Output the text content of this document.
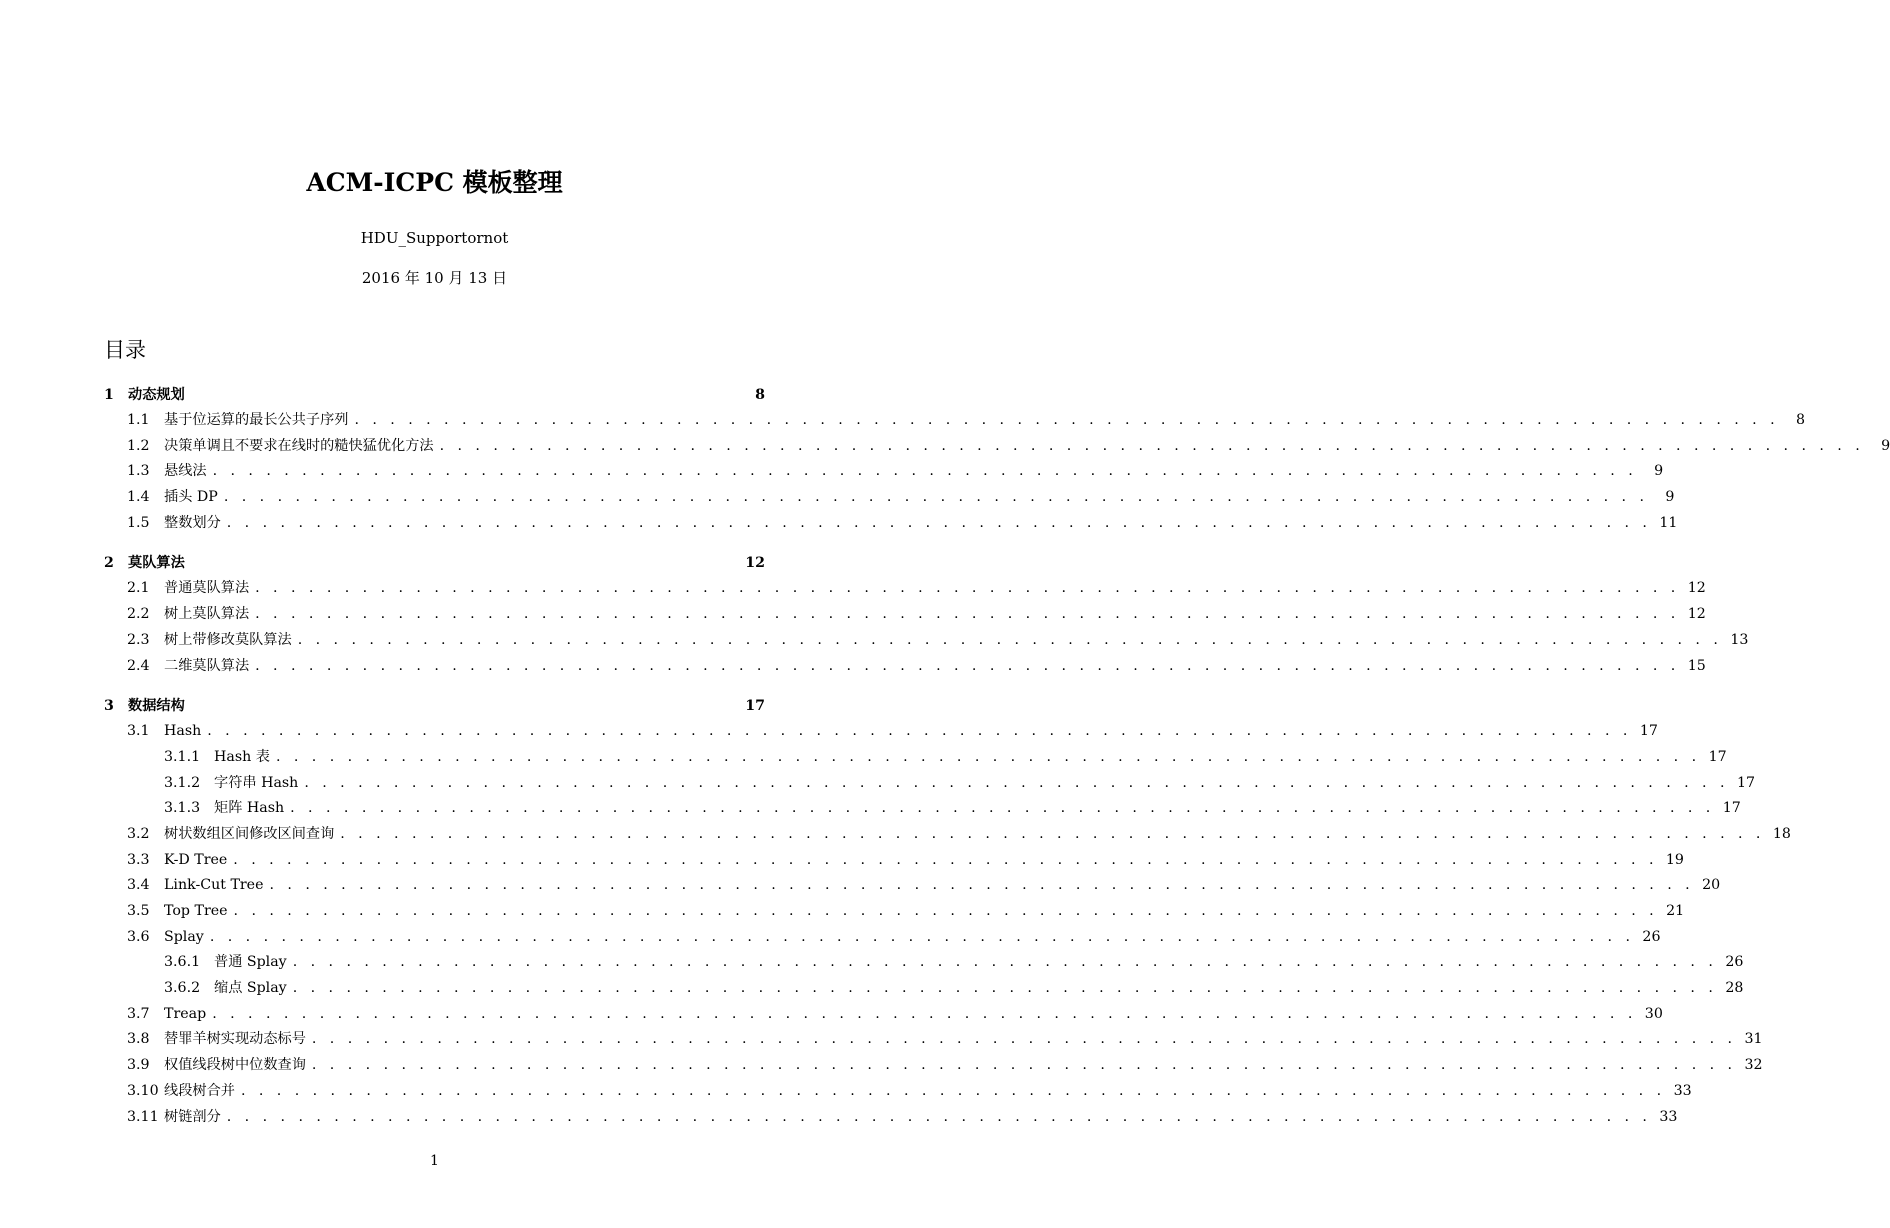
ACM-ICPC 模板整理
HDU_Supportornot
2016 年 10 月 13 日
目录
1 动态规划	8
1.1	基于位运算的最长公共子序列 . . . . . . . . . . . . . . . . . . . . . . . . . . . . . . . . . . . . . . . . . . . . . . . . . . . . . . . . . . . . . . . . . . . . . . . . . . . . . . . .	8
1.2	决策单调且不要求在线时的糙快猛优化方法 . . . . . . . . . . . . . . . . . . . . . . . . . . . . . . . . . . . . . . . . . . . . . . . . . . . . . . . . . . . . . . . . . . . . . . . . . . . . . . . .	9
1.3	悬线法 . . . . . . . . . . . . . . . . . . . . . . . . . . . . . . . . . . . . . . . . . . . . . . . . . . . . . . . . . . . . . . . . . . . . . . . . . . . . . . . .	9
1.4	插头 DP . . . . . . . . . . . . . . . . . . . . . . . . . . . . . . . . . . . . . . . . . . . . . . . . . . . . . . . . . . . . . . . . . . . . . . . . . . . . . . . .	9
1.5	整数划分 . . . . . . . . . . . . . . . . . . . . . . . . . . . . . . . . . . . . . . . . . . . . . . . . . . . . . . . . . . . . . . . . . . . . . . . . . . . . . . . . 11
2 莫队算法	12
2.1	普通莫队算法 . . . . . . . . . . . . . . . . . . . . . . . . . . . . . . . . . . . . . . . . . . . . . . . . . . . . . . . . . . . . . . . . . . . . . . . . . . . . . . . . 12
2.2	树上莫队算法 . . . . . . . . . . . . . . . . . . . . . . . . . . . . . . . . . . . . . . . . . . . . . . . . . . . . . . . . . . . . . . . . . . . . . . . . . . . . . . . . 12
2.3	树上带修改莫队算法 . . . . . . . . . . . . . . . . . . . . . . . . . . . . . . . . . . . . . . . . . . . . . . . . . . . . . . . . . . . . . . . . . . . . . . . . . . . . . . . . 13
2.4	二维莫队算法 . . . . . . . . . . . . . . . . . . . . . . . . . . . . . . . . . . . . . . . . . . . . . . . . . . . . . . . . . . . . . . . . . . . . . . . . . . . . . . . . 15
3 数据结构	17
3.1	Hash . . . . . . . . . . . . . . . . . . . . . . . . . . . . . . . . . . . . . . . . . . . . . . . . . . . . . . . . . . . . . . . . . . . . . . . . . . . . . . . . 17
3.1.1 Hash 表 . . . . . . . . . . . . . . . . . . . . . . . . . . . . . . . . . . . . . . . . . . . . . . . . . . . . . . . . . . . . . . . . . . . . . . . . . . . . . . . . 17
3.1.2 字符串 Hash . . . . . . . . . . . . . . . . . . . . . . . . . . . . . . . . . . . . . . . . . . . . . . . . . . . . . . . . . . . . . . . . . . . . . . . . . . . . . . . . 17
3.1.3 矩阵 Hash . . . . . . . . . . . . . . . . . . . . . . . . . . . . . . . . . . . . . . . . . . . . . . . . . . . . . . . . . . . . . . . . . . . . . . . . . . . . . . . . 17
3.2	树状数组区间修改区间查询 . . . . . . . . . . . . . . . . . . . . . . . . . . . . . . . . . . . . . . . . . . . . . . . . . . . . . . . . . . . . . . . . . . . . . . . . . . . . . . . . 18
3.3	K-D Tree . . . . . . . . . . . . . . . . . . . . . . . . . . . . . . . . . . . . . . . . . . . . . . . . . . . . . . . . . . . . . . . . . . . . . . . . . . . . . . . . 19
3.4	Link-Cut Tree . . . . . . . . . . . . . . . . . . . . . . . . . . . . . . . . . . . . . . . . . . . . . . . . . . . . . . . . . . . . . . . . . . . . . . . . . . . . . . . . 20
3.5	Top Tree . . . . . . . . . . . . . . . . . . . . . . . . . . . . . . . . . . . . . . . . . . . . . . . . . . . . . . . . . . . . . . . . . . . . . . . . . . . . . . . . 21
3.6	Splay . . . . . . . . . . . . . . . . . . . . . . . . . . . . . . . . . . . . . . . . . . . . . . . . . . . . . . . . . . . . . . . . . . . . . . . . . . . . . . . . 26
3.6.1 普通 Splay . . . . . . . . . . . . . . . . . . . . . . . . . . . . . . . . . . . . . . . . . . . . . . . . . . . . . . . . . . . . . . . . . . . . . . . . . . . . . . . . 26
3.6.2 缩点 Splay . . . . . . . . . . . . . . . . . . . . . . . . . . . . . . . . . . . . . . . . . . . . . . . . . . . . . . . . . . . . . . . . . . . . . . . . . . . . . . . . 28
3.7	Treap . . . . . . . . . . . . . . . . . . . . . . . . . . . . . . . . . . . . . . . . . . . . . . . . . . . . . . . . . . . . . . . . . . . . . . . . . . . . . . . . 30
3.8	替罪羊树实现动态标号 . . . . . . . . . . . . . . . . . . . . . . . . . . . . . . . . . . . . . . . . . . . . . . . . . . . . . . . . . . . . . . . . . . . . . . . . . . . . . . . . 31
3.9	权值线段树中位数查询 . . . . . . . . . . . . . . . . . . . . . . . . . . . . . . . . . . . . . . . . . . . . . . . . . . . . . . . . . . . . . . . . . . . . . . . . . . . . . . . . 32
3.10 线段树合并 . . . . . . . . . . . . . . . . . . . . . . . . . . . . . . . . . . . . . . . . . . . . . . . . . . . . . . . . . . . . . . . . . . . . . . . . . . . . . . . . 33
3.11 树链剖分 . . . . . . . . . . . . . . . . . . . . . . . . . . . . . . . . . . . . . . . . . . . . . . . . . . . . . . . . . . . . . . . . . . . . . . . . . . . . . . . . 33
1
